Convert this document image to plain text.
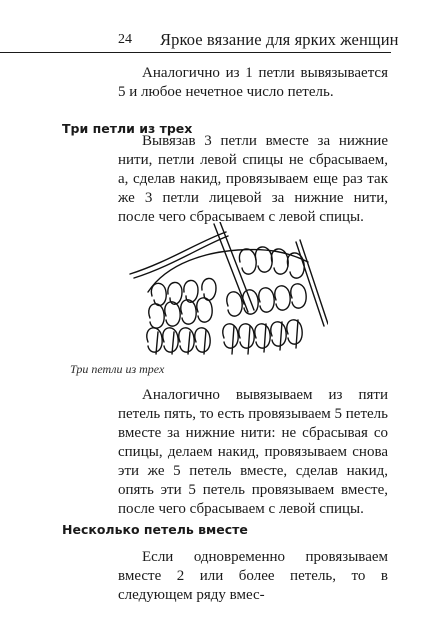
24 Яркое вязание для ярких женщин

Аналогично из 1 петли вывязывается 5 и любое нечетное число петель.

Три петли из трех

Вывязав 3 петли вместе за нижние нити, петли левой спицы не сбрасываем, а, сделав накид, провязываем еще раз так же 3 петли лицевой за нижние нити, после чего сбрасываем с левой спицы.

Три петли из трех

Аналогично вывязываем из пяти петель пять, то есть провязываем 5 петель вместе за нижние нити: не сбрасывая со спицы, делаем накид, провязываем снова эти же 5 петель вместе, сделав накид, опять эти 5 петель провязываем вместе, после чего сбрасываем с левой спицы.

Несколько петель вместе

Если одновременно провязываем вместе 2 или более петель, то в следующем ряду вмес-
